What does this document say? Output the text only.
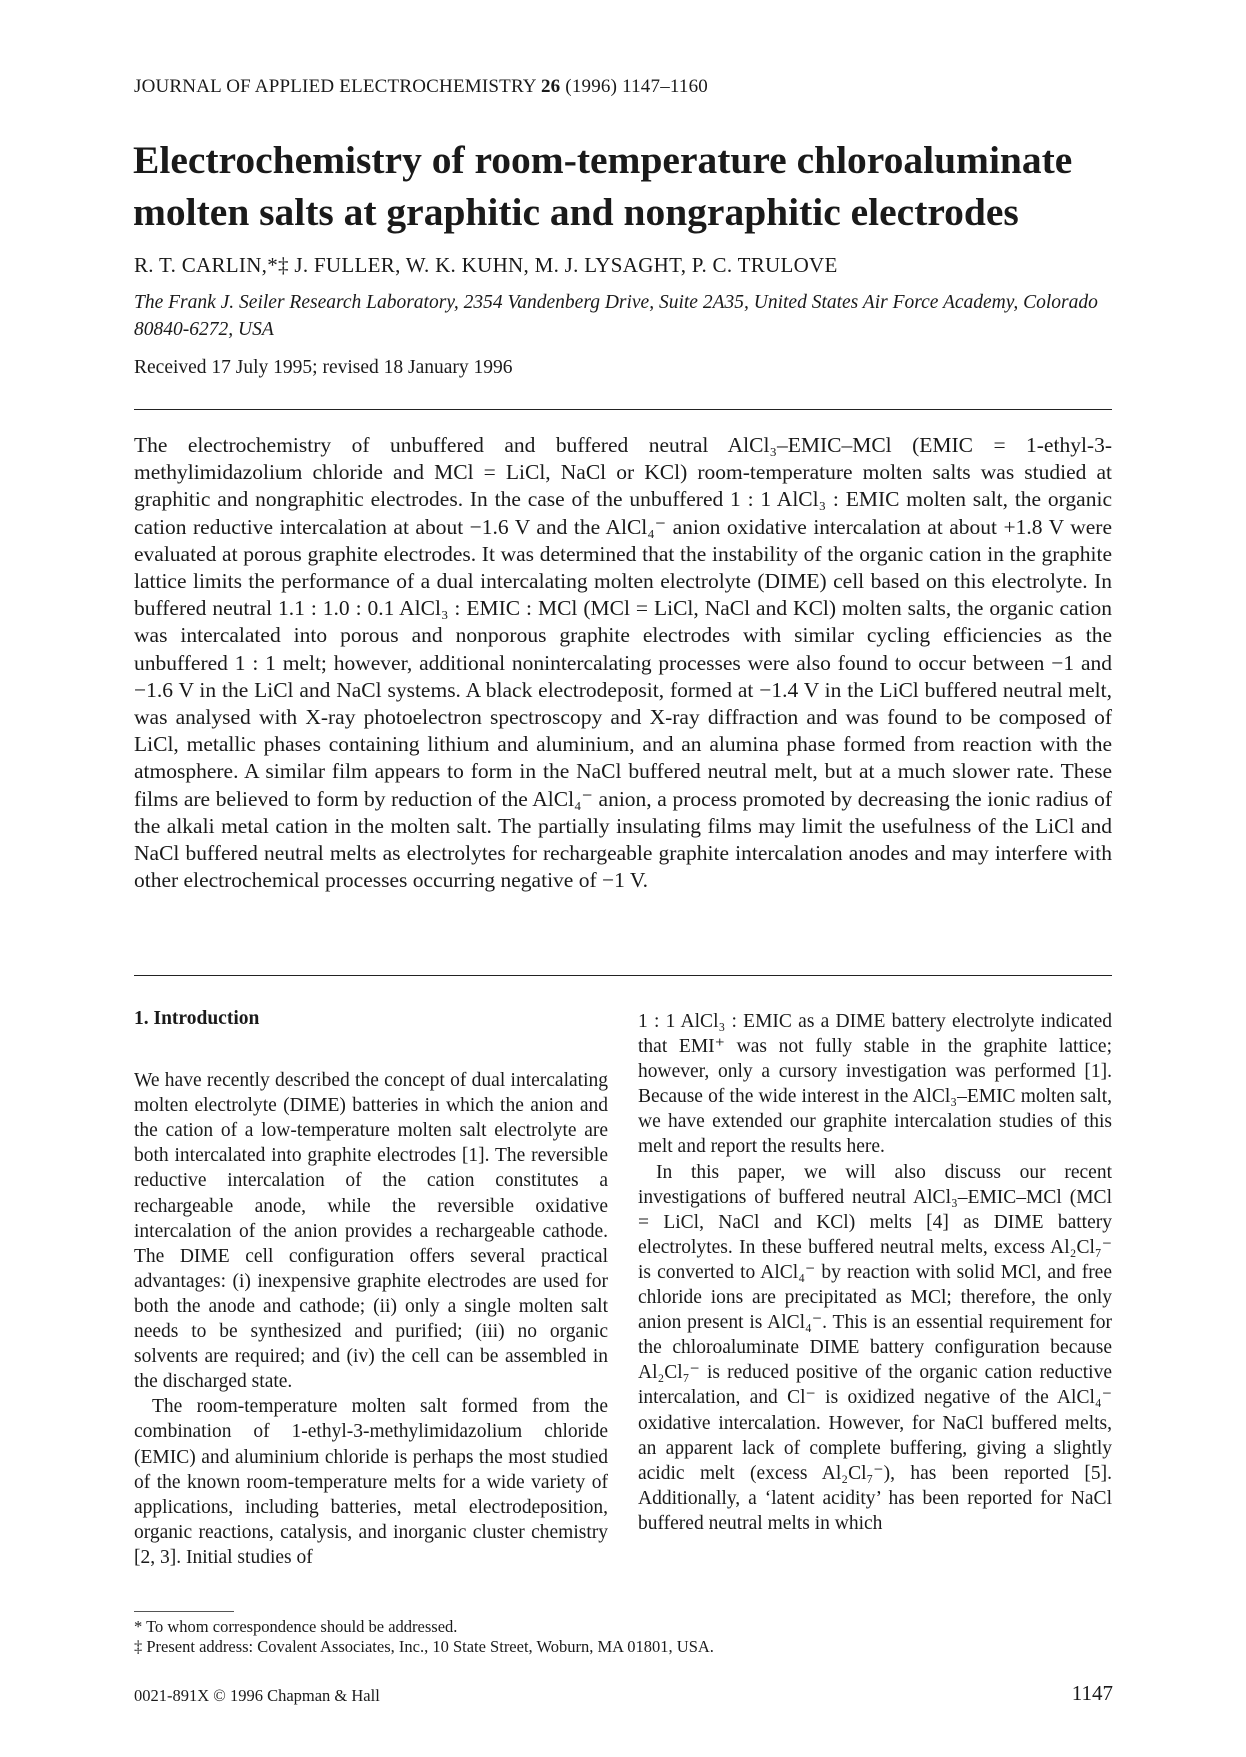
JOURNAL OF APPLIED ELECTROCHEMISTRY 26 (1996) 1147–1160
Electrochemistry of room-temperature chloroaluminate molten salts at graphitic and nongraphitic electrodes
R. T. CARLIN,*‡ J. FULLER, W. K. KUHN, M. J. LYSAGHT, P. C. TRULOVE
The Frank J. Seiler Research Laboratory, 2354 Vandenberg Drive, Suite 2A35, United States Air Force Academy, Colorado 80840-6272, USA
Received 17 July 1995; revised 18 January 1996

The electrochemistry of unbuffered and buffered neutral AlCl₃–EMIC–MCl (EMIC = 1-ethyl-3-methylimidazolium chloride and MCl = LiCl, NaCl or KCl) room-temperature molten salts was studied at graphitic and nongraphitic electrodes. In the case of the unbuffered 1 : 1 AlCl₃ : EMIC molten salt, the organic cation reductive intercalation at about −1.6 V and the AlCl₄⁻ anion oxidative intercalation at about +1.8 V were evaluated at porous graphite electrodes. It was determined that the instability of the organic cation in the graphite lattice limits the performance of a dual intercalating molten electrolyte (DIME) cell based on this electrolyte. In buffered neutral 1.1 : 1.0 : 0.1 AlCl₃ : EMIC : MCl (MCl = LiCl, NaCl and KCl) molten salts, the organic cation was intercalated into porous and nonporous graphite electrodes with similar cycling efficiencies as the unbuffered 1 : 1 melt; however, additional nonintercalating processes were also found to occur between −1 and −1.6 V in the LiCl and NaCl systems. A black electrodeposit, formed at −1.4 V in the LiCl buffered neutral melt, was analysed with X-ray photoelectron spectroscopy and X-ray diffraction and was found to be composed of LiCl, metallic phases containing lithium and aluminium, and an alumina phase formed from reaction with the atmosphere. A similar film appears to form in the NaCl buffered neutral melt, but at a much slower rate. These films are believed to form by reduction of the AlCl₄⁻ anion, a process promoted by decreasing the ionic radius of the alkali metal cation in the molten salt. The partially insulating films may limit the usefulness of the LiCl and NaCl buffered neutral melts as electrolytes for rechargeable graphite intercalation anodes and may interfere with other electrochemical processes occurring negative of −1 V.

1. Introduction

We have recently described the concept of dual intercalating molten electrolyte (DIME) batteries in which the anion and the cation of a low-temperature molten salt electrolyte are both intercalated into graphite electrodes [1]. The reversible reductive intercalation of the cation constitutes a rechargeable anode, while the reversible oxidative intercalation of the anion provides a rechargeable cathode. The DIME cell configuration offers several practical advantages: (i) inexpensive graphite electrodes are used for both the anode and cathode; (ii) only a single molten salt needs to be synthesized and purified; (iii) no organic solvents are required; and (iv) the cell can be assembled in the discharged state.

The room-temperature molten salt formed from the combination of 1-ethyl-3-methylimidazolium chloride (EMIC) and aluminium chloride is perhaps the most studied of the known room-temperature melts for a wide variety of applications, including batteries, metal electrodeposition, organic reactions, catalysis, and inorganic cluster chemistry [2, 3]. Initial studies of

1 : 1 AlCl₃ : EMIC as a DIME battery electrolyte indicated that EMI⁺ was not fully stable in the graphite lattice; however, only a cursory investigation was performed [1]. Because of the wide interest in the AlCl₃–EMIC molten salt, we have extended our graphite intercalation studies of this melt and report the results here.

In this paper, we will also discuss our recent investigations of buffered neutral AlCl₃–EMIC–MCl (MCl = LiCl, NaCl and KCl) melts [4] as DIME battery electrolytes. In these buffered neutral melts, excess Al₂Cl₇⁻ is converted to AlCl₄⁻ by reaction with solid MCl, and free chloride ions are precipitated as MCl; therefore, the only anion present is AlCl₄⁻. This is an essential requirement for the chloroaluminate DIME battery configuration because Al₂Cl₇⁻ is reduced positive of the organic cation reductive intercalation, and Cl⁻ is oxidized negative of the AlCl₄⁻ oxidative intercalation. However, for NaCl buffered melts, an apparent lack of complete buffering, giving a slightly acidic melt (excess Al₂Cl₇⁻), has been reported [5]. Additionally, a ‘latent acidity’ has been reported for NaCl buffered neutral melts in which

* To whom correspondence should be addressed.
‡ Present address: Covalent Associates, Inc., 10 State Street, Woburn, MA 01801, USA.
0021-891X © 1996 Chapman & Hall	1147
